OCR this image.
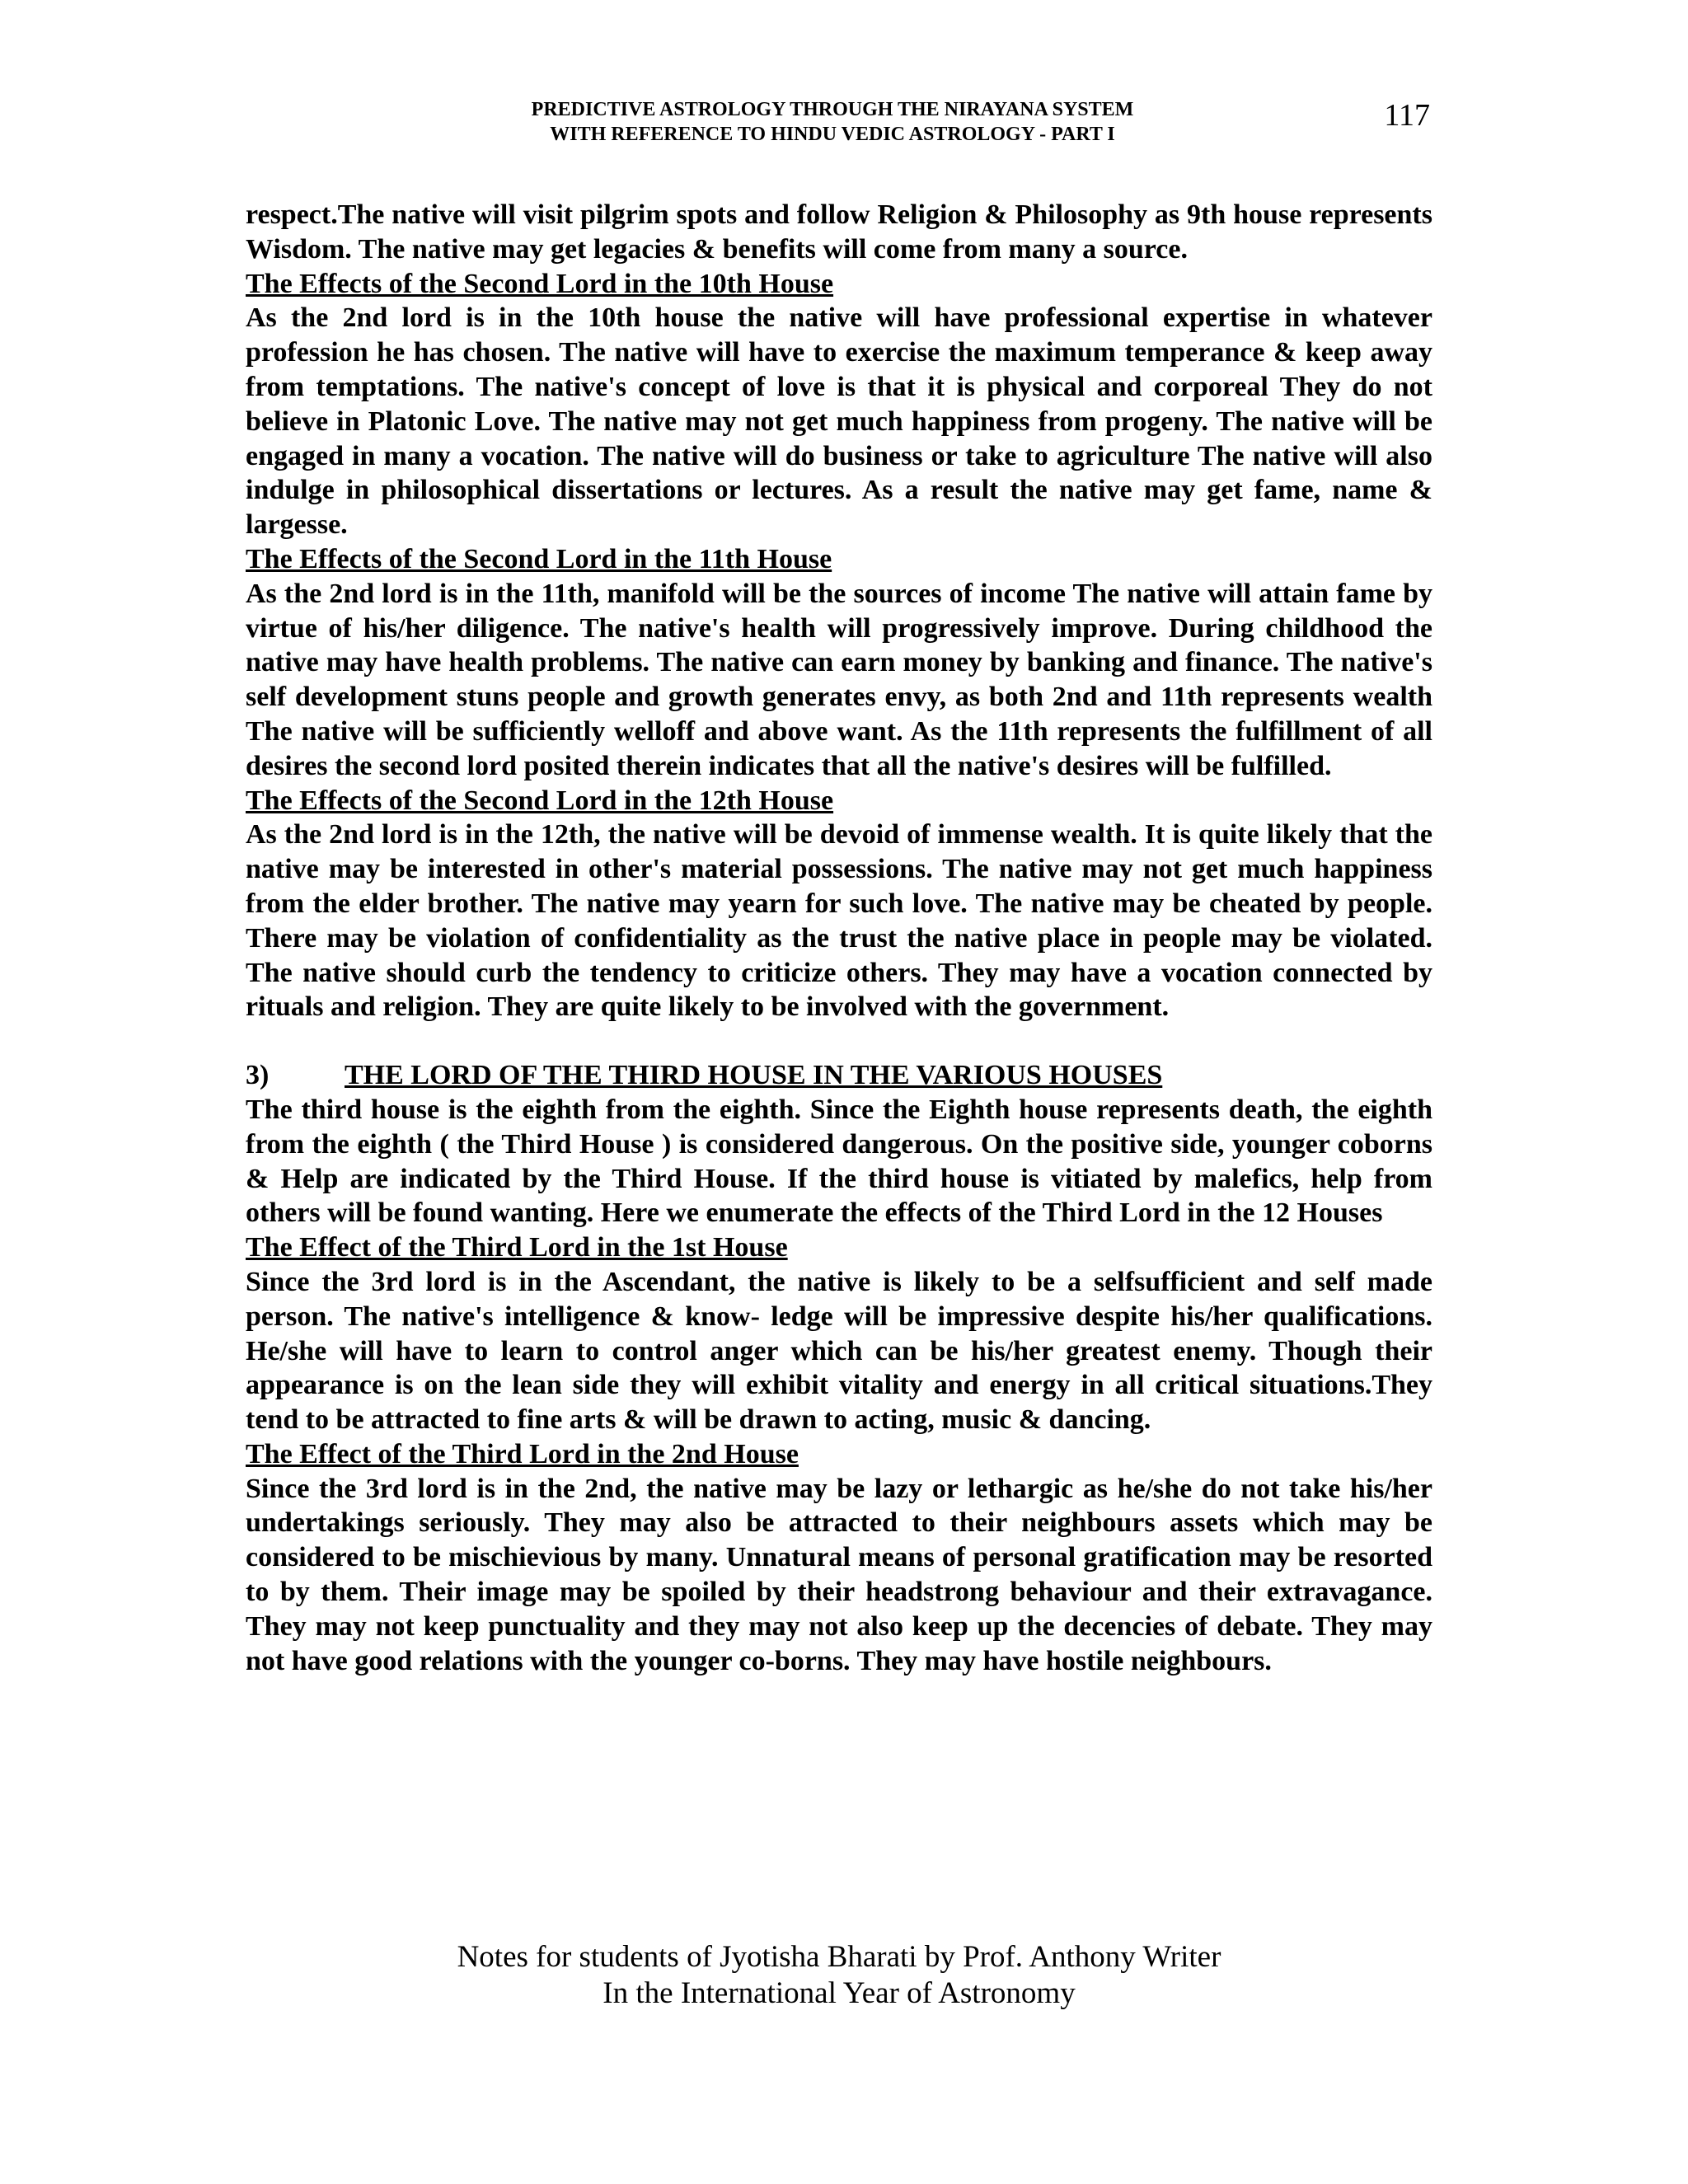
PREDICTIVE ASTROLOGY THROUGH THE NIRAYANA SYSTEM
WITH REFERENCE TO HINDU VEDIC ASTROLOGY - PART I
117

respect.The native will visit pilgrim spots and follow Religion & Philosophy as 9th house represents Wisdom. The native may get legacies & benefits will come from many a source.

The Effects of the Second Lord in the 10th House

As the 2nd lord is in the 10th house the native will have professional expertise in whatever profession he has chosen. The native will have to exercise the maximum temperance & keep away from temptations. The native's concept of love is that it is physical and corporeal They do not believe in Platonic Love. The native may not get much happiness from progeny. The native will be engaged in many a vocation. The native will do business or take to agriculture The native will also indulge in philosophical dissertations or lectures. As a result the native may get fame, name & largesse.

The Effects of the Second Lord in the 11th House

As the 2nd lord is in the 11th, manifold will be the sources of income The native will attain fame by virtue of his/her diligence. The native's health will progressively improve. During childhood the native may have health problems. The native can earn money by banking and finance. The native's self development stuns people and growth generates envy, as both 2nd and 11th represents wealth The native will be sufficiently welloff and above want. As the 11th represents the fulfillment of all desires the second lord posited therein indicates that all the native's desires will be fulfilled.

The Effects of the Second Lord in the 12th House

As the 2nd lord is in the 12th, the native will be devoid of immense wealth. It is quite likely that the native may be interested in other's material possessions. The native may not get much happiness from the elder brother. The native may yearn for such love. The native may be cheated by people. There may be violation of confidentiality as the trust the native place in people may be violated. The native should curb the tendency to criticize others. They may have a vocation connected by rituals and religion. They are quite likely to be involved with the government.

3)	THE LORD OF THE THIRD HOUSE IN THE VARIOUS HOUSES

The third house is the eighth from the eighth. Since the Eighth house represents death, the eighth from the eighth ( the Third House ) is considered dangerous. On the positive side, younger coborns & Help are indicated by the Third House. If the third house is vitiated by malefics, help from others will be found wanting. Here we enumerate the effects of the Third Lord in the 12 Houses

The Effect of the Third Lord in the 1st House

Since the 3rd lord is in the Ascendant, the native is likely to be a selfsufficient and self made person. The native's intelligence & know- ledge will be impressive despite his/her qualifications. He/she will have to learn to control anger which can be his/her greatest enemy. Though their appearance is on the lean side they will exhibit vitality and energy in all critical situations.They tend to be attracted to fine arts & will be drawn to acting, music & dancing.

The Effect of the Third Lord in the 2nd House

Since the 3rd lord is in the 2nd, the native may be lazy or lethargic as he/she do not take his/her undertakings seriously. They may also be attracted to their neighbours assets which may be considered to be mischievious by many. Unnatural means of personal gratification may be resorted to by them. Their image may be spoiled by their headstrong behaviour and their extravagance. They may not keep punctuality and they may not also keep up the decencies of debate. They may not have good relations with the younger co-borns. They may have hostile neighbours.

Notes for students of Jyotisha Bharati by Prof. Anthony Writer
In the International Year of Astronomy
